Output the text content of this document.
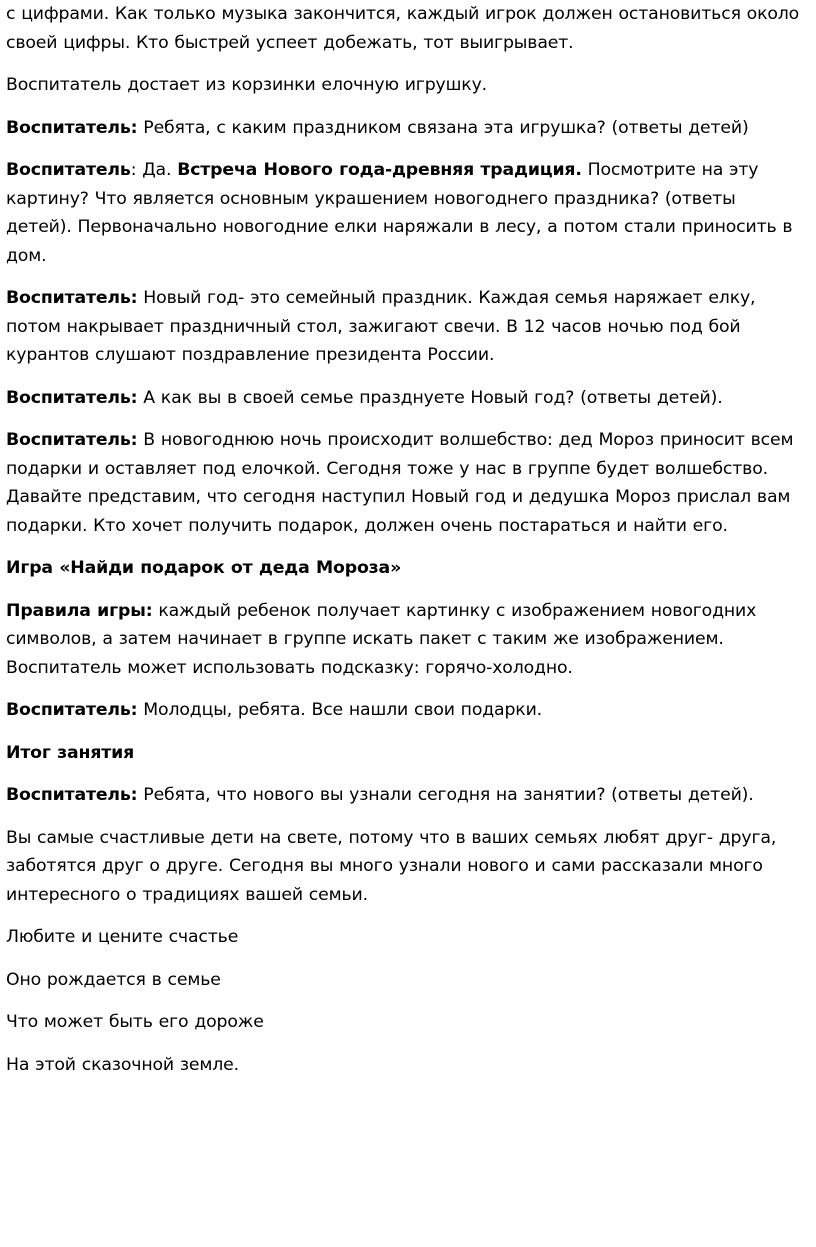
с цифрами. Как только музыка закончится, каждый игрок должен остановиться около своей цифры. Кто быстрей успеет добежать, тот выигрывает.

Воспитатель достает из корзинки елочную игрушку.

Воспитатель: Ребята, с каким праздником связана эта игрушка? (ответы детей)

Воспитатель: Да. Встреча Нового года-древняя традиция. Посмотрите на эту картину? Что является основным украшением новогоднего праздника? (ответы детей). Первоначально новогодние елки наряжали в лесу, а потом стали приносить в дом.

Воспитатель: Новый год- это семейный праздник. Каждая семья наряжает елку, потом накрывает праздничный стол, зажигают свечи. В 12 часов ночью под бой курантов слушают поздравление президента России.

Воспитатель: А как вы в своей семье празднуете Новый год? (ответы детей).

Воспитатель: В новогоднюю ночь происходит волшебство: дед Мороз приносит всем подарки и оставляет под елочкой. Сегодня тоже у нас в группе будет волшебство. Давайте представим, что сегодня наступил Новый год и дедушка Мороз прислал вам подарки. Кто хочет получить подарок, должен очень постараться и найти его.

Игра «Найди подарок от деда Мороза»

Правила игры: каждый ребенок получает картинку с изображением новогодних символов, а затем начинает в группе искать пакет с таким же изображением. Воспитатель может использовать подсказку: горячо-холодно.

Воспитатель: Молодцы, ребята. Все нашли свои подарки.

Итог занятия

Воспитатель: Ребята, что нового вы узнали сегодня на занятии? (ответы детей).

Вы самые счастливые дети на свете, потому что в ваших семьях любят друг- друга, заботятся друг о друге. Сегодня вы много узнали нового и сами рассказали много интересного о традициях вашей семьи.

Любите и цените счастье

Оно рождается в семье

Что может быть его дороже

На этой сказочной земле.
